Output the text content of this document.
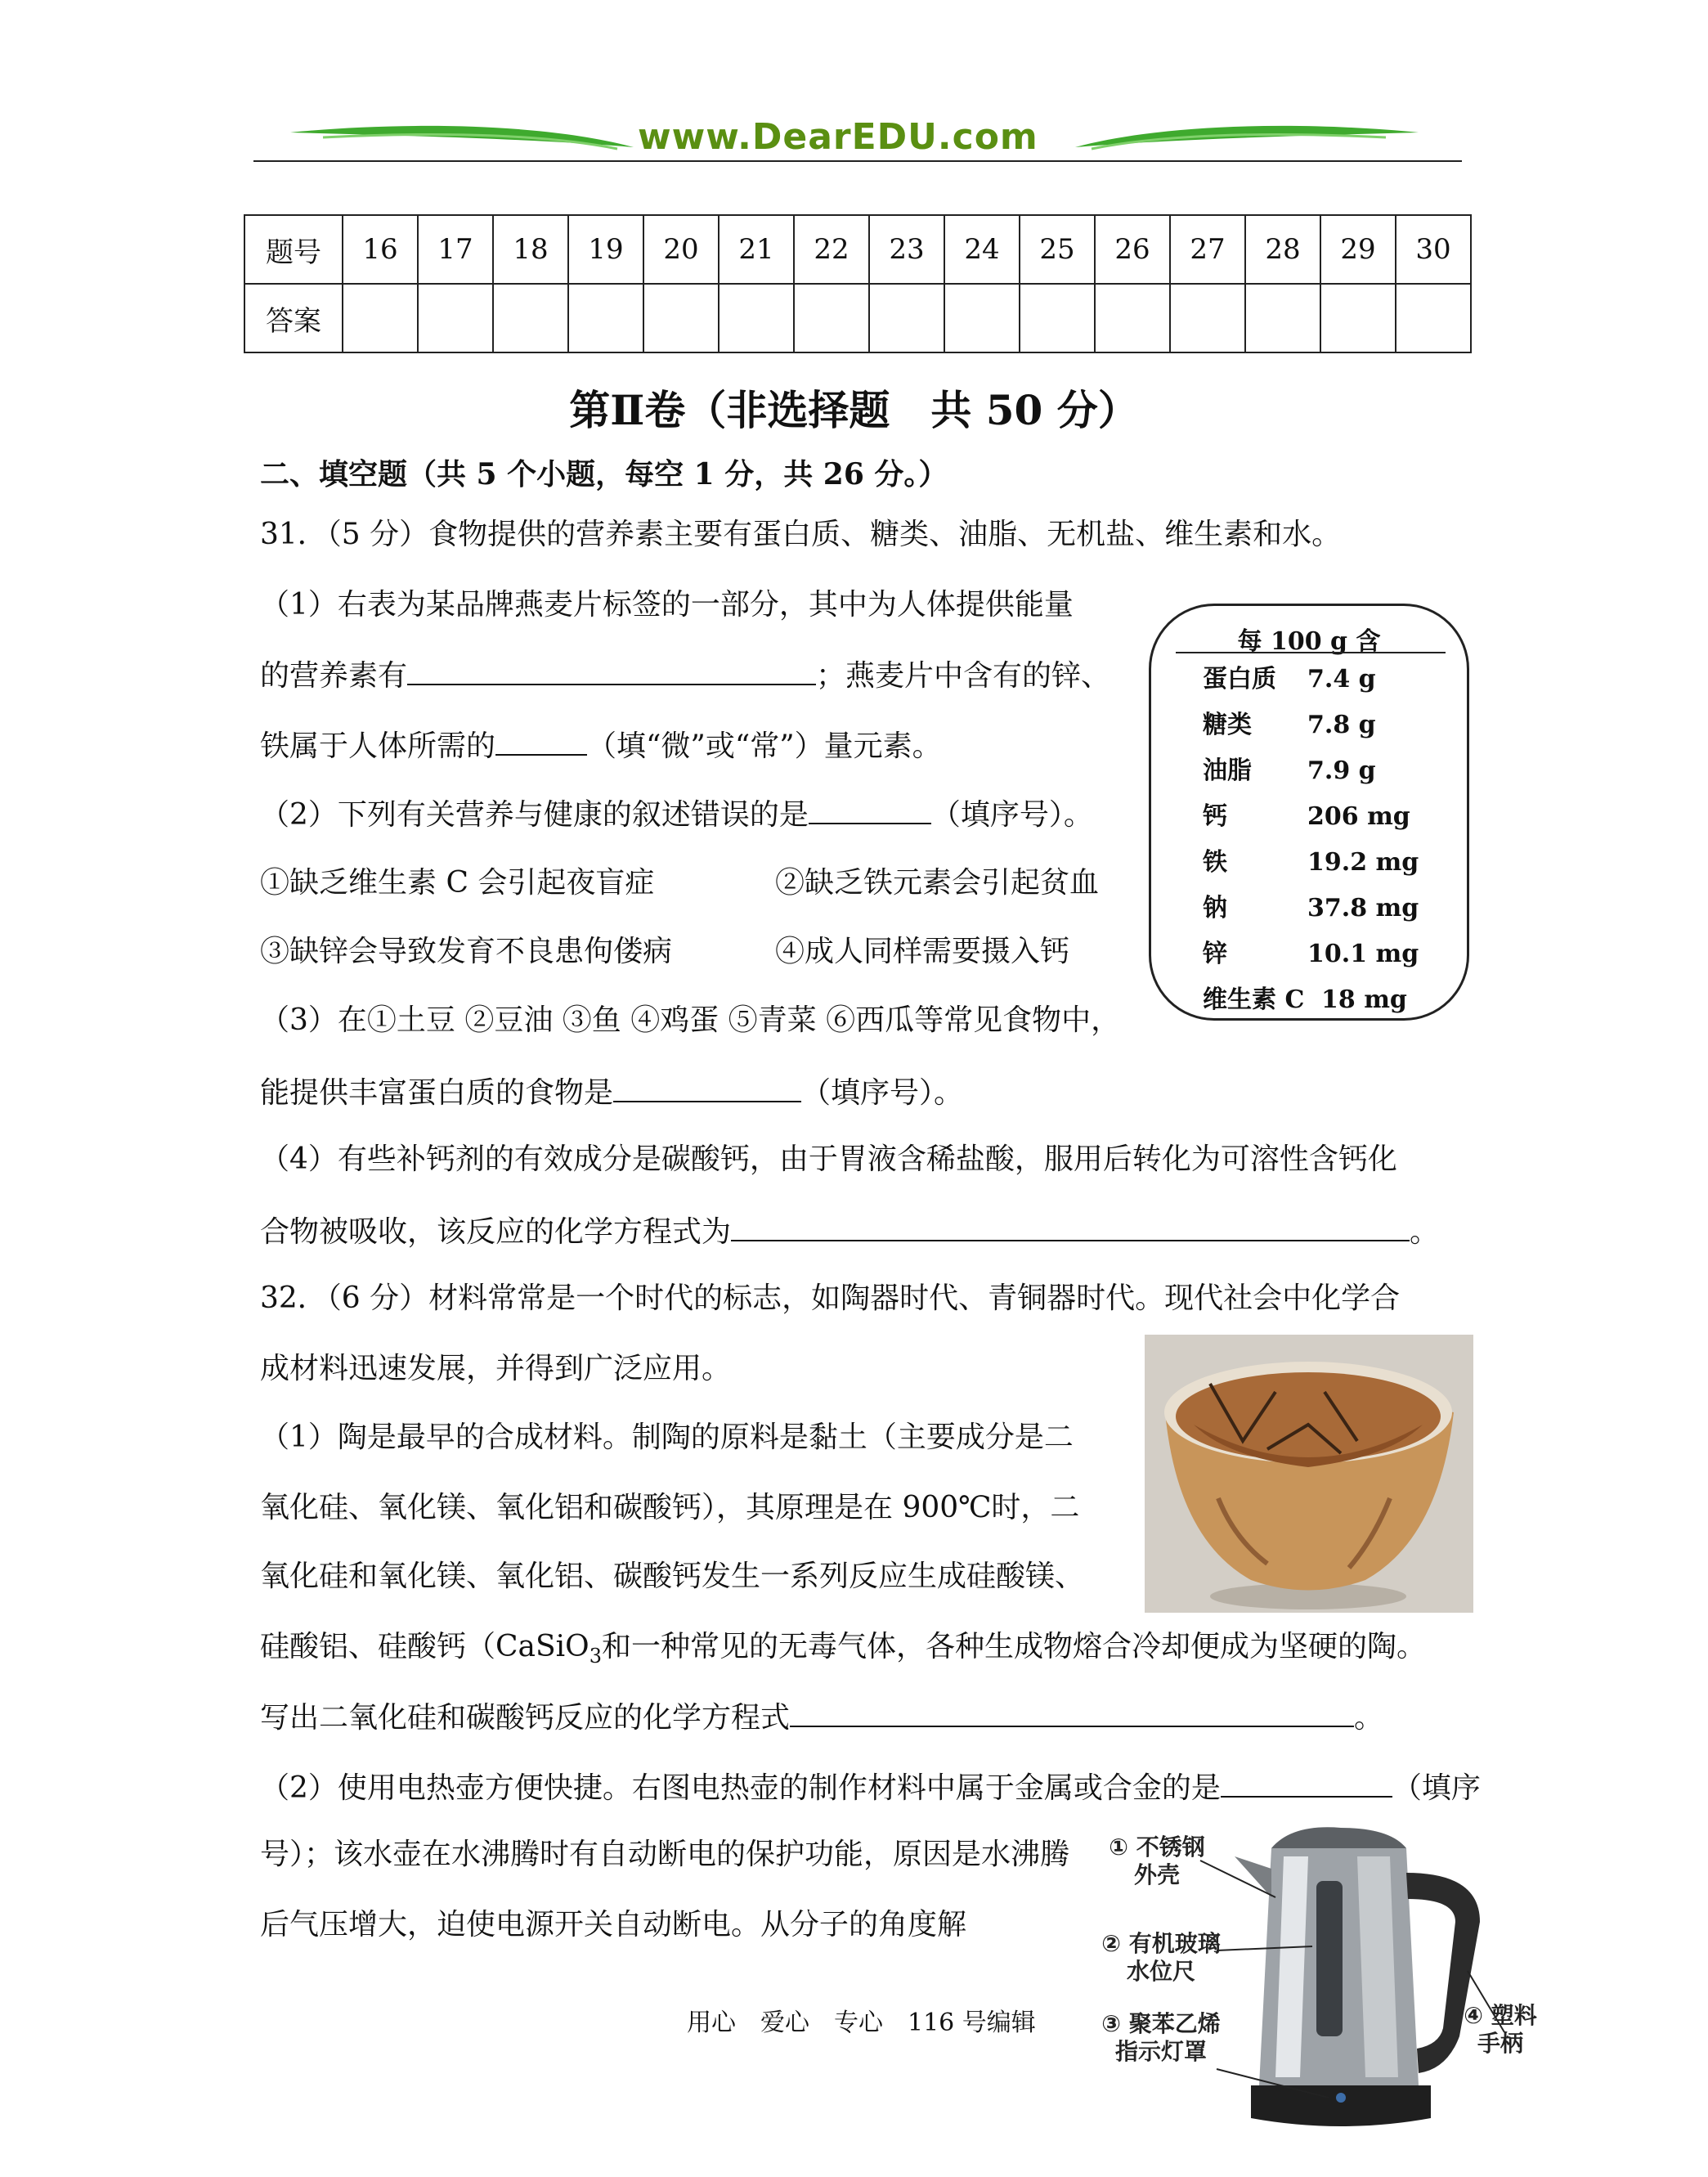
www.DearEDU.com
题号	16	17	18	19	20	21	22	23	24	25	26	27	28	29	30
答案															
第Ⅱ卷（非选择题　共 50 分）
二、填空题（共 5 个小题，每空 1 分，共 26 分。）
31．（5 分）食物提供的营养素主要有蛋白质、糖类、油脂、无机盐、维生素和水。
（1）右表为某品牌燕麦片标签的一部分，其中为人体提供能量
的营养素有	；燕麦片中含有的锌、
铁属于人体所需的	（填“微”或“常”）量元素。
（2）下列有关营养与健康的叙述错误的是	（填序号）。
①缺乏维生素 C 会引起夜盲症	②缺乏铁元素会引起贫血
③缺锌会导致发育不良患佝偻病	④成人同样需要摄入钙
（3）在①土豆 ②豆油 ③鱼 ④鸡蛋 ⑤青菜 ⑥西瓜等常见食物中，
能提供丰富蛋白质的食物是	（填序号）。
（4）有些补钙剂的有效成分是碳酸钙，由于胃液含稀盐酸，服用后转化为可溶性含钙化
合物被吸收，该反应的化学方程式为	。
每 100 g 含
蛋白质 7.4 g
糖类 7.8 g
油脂 7.9 g
钙	206 mg
铁	19.2 mg
钠	37.8 mg
锌	10.1 mg
维生素 C 18 mg
32．（6 分）材料常常是一个时代的标志，如陶器时代、青铜器时代。现代社会中化学合
成材料迅速发展，并得到广泛应用。
（1）陶是最早的合成材料。制陶的原料是黏土（主要成分是二
氧化硅、氧化镁、氧化铝和碳酸钙），其原理是在 900℃时，二
氧化硅和氧化镁、氧化铝、碳酸钙发生一系列反应生成硅酸镁、
硅酸铝、硅酸钙（CaSiO$_3$和一种常见的无毒气体，各种生成物熔合冷却便成为坚硬的陶。
写出二氧化硅和碳酸钙反应的化学方程式	。
（2）使用电热壶方便快捷。右图电热壶的制作材料中属于金属或合金的是	（填序
号）；该水壶在水沸腾时有自动断电的保护功能，原因是水沸腾
后气压增大，迫使电源开关自动断电。从分子的角度解
① 不锈钢
外壳
② 有机玻璃
水位尺
③ 聚苯乙烯
指示灯罩
④ 塑料
手柄
用心　爱心　专心　116 号编辑
